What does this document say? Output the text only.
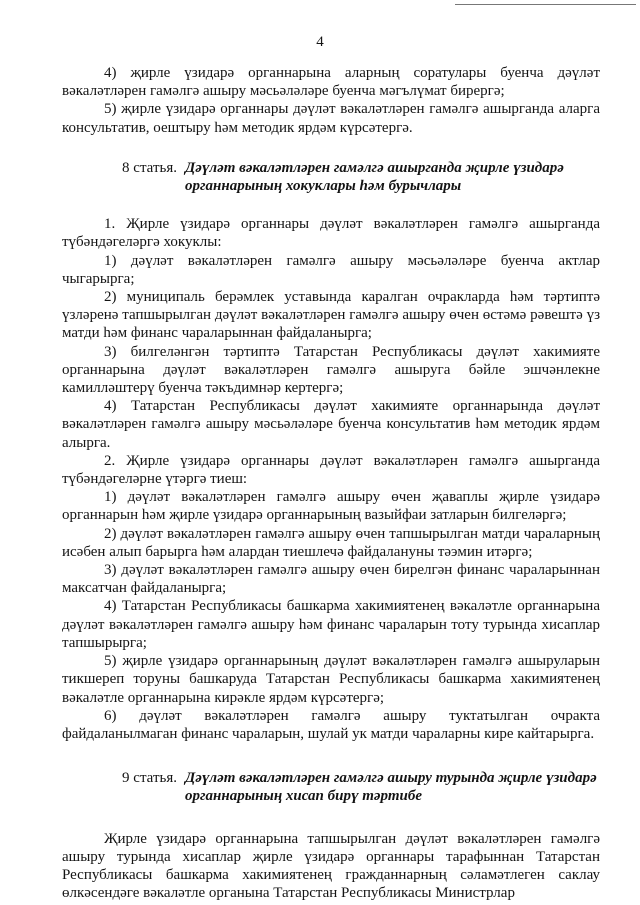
4

4) җирле үзидарә органнарына аларның соратулары буенча дәүләт вәкаләтләрен гамәлгә ашыру мәсьәләләре буенча мәгълүмат бирергә;

5) җирле үзидарә органнары дәүләт вәкаләтләрен гамәлгә ашырганда аларга консультатив, оештыру һәм методик ярдәм күрсәтергә.

8 статья. Дәүләт вәкаләтләрен гамәлгә ашырганда җирле үзидарә
органнарының хокуклары һәм бурычлары

1. Җирле үзидарә органнары дәүләт вәкаләтләрен гамәлгә ашырганда түбәндәгеләргә хокуклы:

1) дәүләт вәкаләтләрен гамәлгә ашыру мәсьәләләре буенча актлар чыгарырга;

2) муниципаль берәмлек уставында каралган очракларда һәм тәртиптә үзләренә тапшырылган дәүләт вәкаләтләрен гамәлгә ашыру өчен өстәмә рәвештә үз матди һәм финанс чараларыннан файдаланырга;

3) билгеләнгән тәртиптә Татарстан Республикасы дәүләт хакимияте органнарына дәүләт вәкаләтләрен гамәлгә ашыруга бәйле эшчәнлекне камилләштерү буенча тәкъдимнәр кертергә;

4) Татарстан Республикасы дәүләт хакимияте органнарында дәүләт вәкаләтләрен гамәлгә ашыру мәсьәләләре буенча консультатив һәм методик ярдәм алырга.

2. Җирле үзидарә органнары дәүләт вәкаләтләрен гамәлгә ашырганда түбәндәгеләрне үтәргә тиеш:

1) дәүләт вәкаләтләрен гамәлгә ашыру өчен җаваплы җирле үзидарә органнарын һәм җирле үзидарә органнарының вазыйфаи затларын билгеләргә;

2) дәүләт вәкаләтләрен гамәлгә ашыру өчен тапшырылган матди чараларның исәбен алып барырга һәм алардан тиешлечә файдалануны тәэмин итәргә;

3) дәүләт вәкаләтләрен гамәлгә ашыру өчен бирелгән финанс чараларыннан максатчан файдаланырга;

4) Татарстан Республикасы башкарма хакимиятенең вәкаләтле органнарына дәүләт вәкаләтләрен гамәлгә ашыру һәм финанс чараларын тоту турында хисаплар тапшырырга;

5) җирле үзидарә органнарының дәүләт вәкаләтләрен гамәлгә ашыруларын тикшереп торуны башкаруда Татарстан Республикасы башкарма хакимиятенең вәкаләтле органнарына кирәкле ярдәм күрсәтергә;

6) дәүләт вәкаләтләрен гамәлгә ашыру туктатылган очракта файдаланылмаган финанс чараларын, шулай ук матди чараларны кире кайтарырга.

9 статья. Дәүләт вәкаләтләрен гамәлгә ашыру турында җирле үзидарә
органнарының хисап бирү тәртибе

Җирле үзидарә органнарына тапшырылган дәүләт вәкаләтләрен гамәлгә ашыру турында хисаплар җирле үзидарә органнары тарафыннан Татарстан Республикасы башкарма хакимиятенең гражданнарның сәламәтлеген саклау өлкәсендәге вәкаләтле органына Татарстан Республикасы Министрлар
